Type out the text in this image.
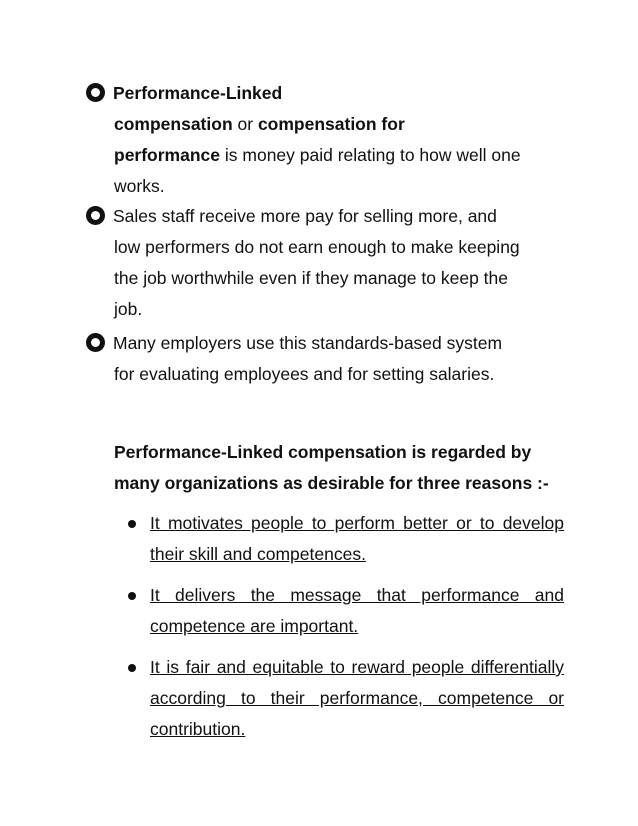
Performance-Linked
compensation or compensation for
performance is money paid relating to how well one
works.
Sales staff receive more pay for selling more, and
low performers do not earn enough to make keeping
the job worthwhile even if they manage to keep the
job.
Many employers use this standards-based system
for evaluating employees and for setting salaries.
Performance-Linked compensation is regarded by
many organizations as desirable for three reasons :-
It motivates people to perform better or to develop their skill and competences.
It delivers the message that performance and competence are important.
It is fair and equitable to reward people differentially according to their performance, competence or contribution.
